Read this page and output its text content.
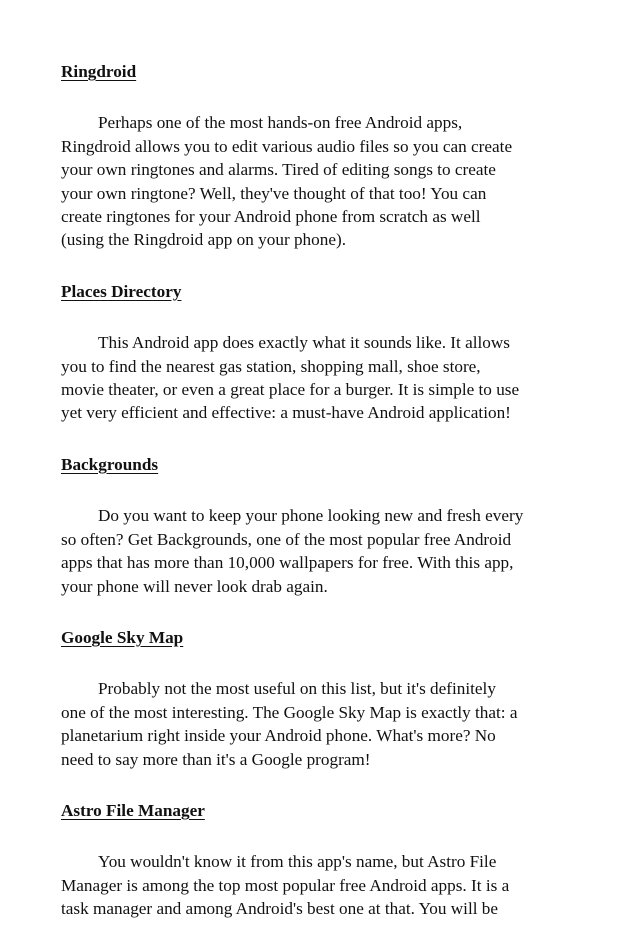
Ringdroid
Perhaps one of the most hands-on free Android apps,
Ringdroid allows you to edit various audio files so you can create
your own ringtones and alarms. Tired of editing songs to create
your own ringtone? Well, they've thought of that too! You can
create ringtones for your Android phone from scratch as well
(using the Ringdroid app on your phone).
Places Directory
This Android app does exactly what it sounds like. It allows
you to find the nearest gas station, shopping mall, shoe store,
movie theater, or even a great place for a burger. It is simple to use
yet very efficient and effective: a must-have Android application!
Backgrounds
Do you want to keep your phone looking new and fresh every
so often? Get Backgrounds, one of the most popular free Android
apps that has more than 10,000 wallpapers for free. With this app,
your phone will never look drab again.
Google Sky Map
Probably not the most useful on this list, but it's definitely
one of the most interesting. The Google Sky Map is exactly that: a
planetarium right inside your Android phone. What's more? No
need to say more than it's a Google program!
Astro File Manager
You wouldn't know it from this app's name, but Astro File
Manager is among the top most popular free Android apps. It is a
task manager and among Android's best one at that. You will be
